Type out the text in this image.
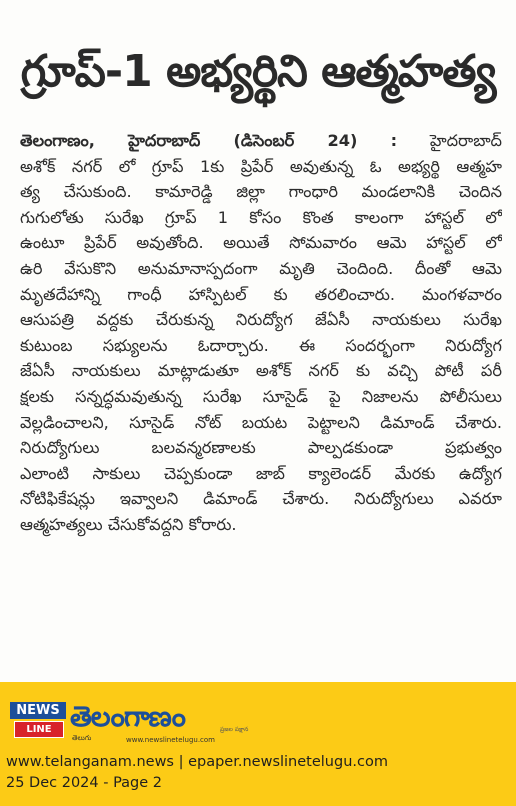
గ్రూప్-1 అభ్యర్థిని ఆత్మహత్య
తెలంగాణం, హైదరాబాద్ (డిసెంబర్ 24) : హైదరాబాద్
అశోక్ నగర్ లో గ్రూప్ 1కు ప్రిపేర్ అవుతున్న ఓ అభ్యర్థి ఆత్మహ
త్య చేసుకుంది. కామారెడ్డి జిల్లా గాంధారి మండలానికి చెందిన
గుగులోతు సురేఖ గ్రూప్ 1 కోసం కొంత కాలంగా హాస్టల్ లో
ఉంటూ ప్రిపేర్ అవుతోంది. అయితే సోమవారం ఆమె హాస్టల్ లో
ఉరి వేసుకొని అనుమానాస్పదంగా మృతి చెందింది. దీంతో ఆమె
మృతదేహాన్ని గాంధీ హాస్పిటల్ కు తరలించారు. మంగళవారం
ఆసుపత్రి వద్దకు చేరుకున్న నిరుద్యోగ జేఏసీ నాయకులు సురేఖ
కుటుంబ సభ్యులను ఓదార్చారు. ఈ సందర్భంగా నిరుద్యోగ
జేఏసీ నాయకులు మాట్లాడుతూ అశోక్ నగర్ కు వచ్చి పోటీ పరీ
క్షలకు సన్నద్ధమవుతున్న సురేఖ సూసైడ్ పై నిజాలను పోలీసులు
వెల్లడించాలని, సూసైడ్ నోట్ బయట పెట్టాలని డిమాండ్ చేశారు.
నిరుద్యోగులు బలవన్మరణాలకు పాల్పడకుండా ప్రభుత్వం
ఎలాంటి సాకులు చెప్పకుండా జాబ్ క్యాలెండర్ మేరకు ఉద్యోగ
నోటిఫికేషన్లు ఇవ్వాలని డిమాండ్ చేశారు. నిరుద్యోగులు ఎవరూ
ఆత్మహత్యలు చేసుకోవద్దని కోరారు.
NEWS
LINE తెలంగాణం	ప్రజల పక్షాన
తెలుగు	www.newslinetelugu.com
www.telanganam.news | epaper.newslinetelugu.com
25 Dec 2024 - Page 2
